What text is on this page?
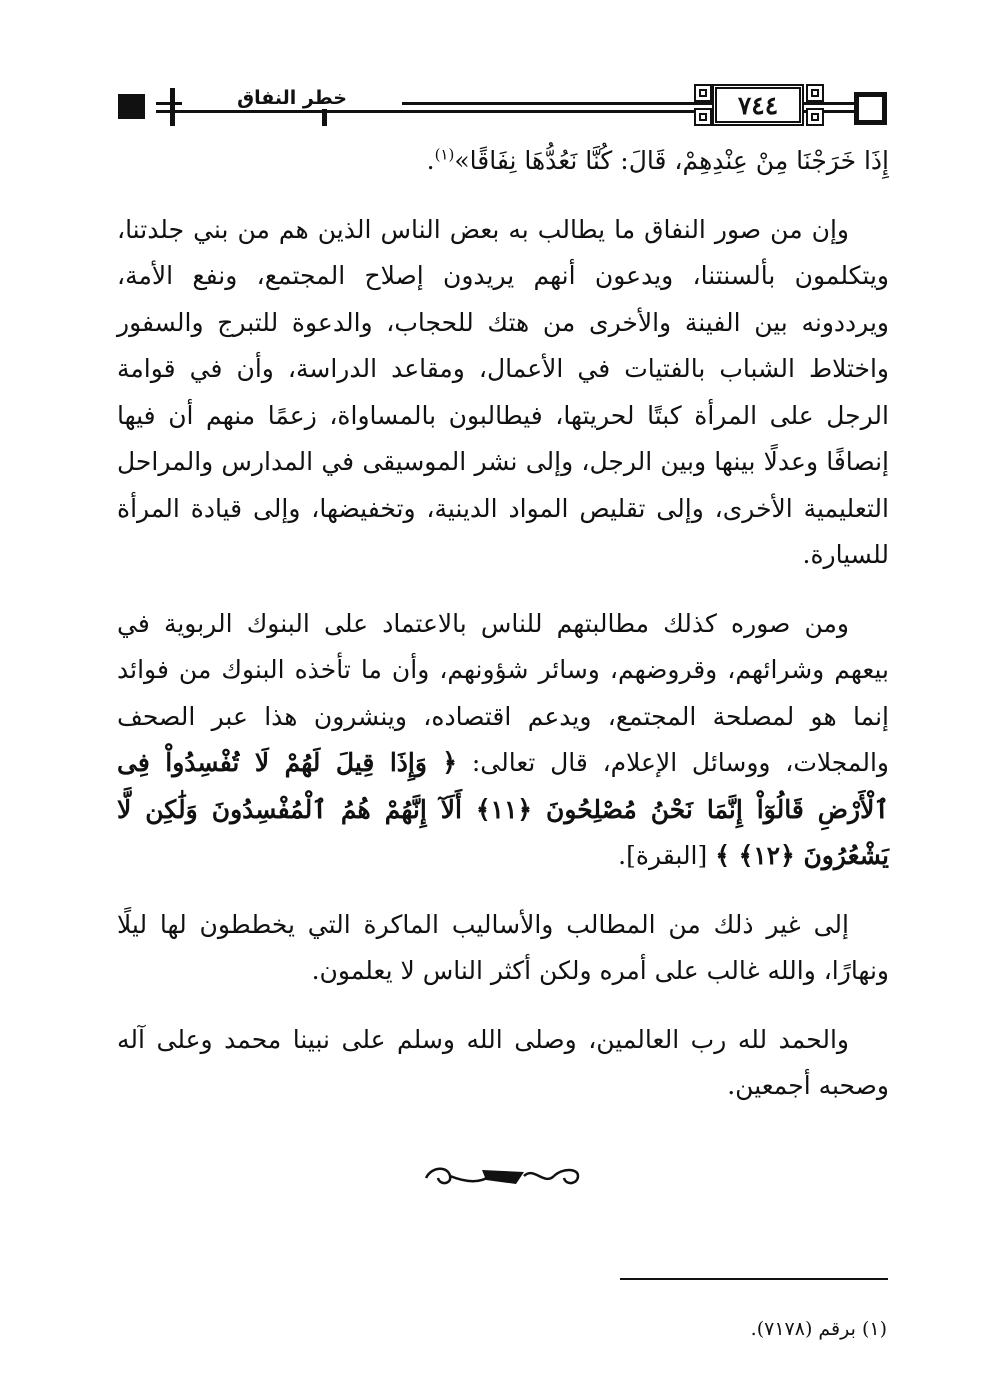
خطر النفاق	٧٤٤

إِذَا خَرَجْنَا مِنْ عِنْدِهِمْ، قَالَ: كُنَّا نَعُدُّهَا نِفَاقًا»$^{(١)}$.

وإن من صور النفاق ما يطالب به بعض الناس الذين هم من بني جلدتنا، ويتكلمون بألسنتنا، ويدعون أنهم يريدون إصلاح المجتمع، ونفع الأمة، ويرددونه بين الفينة والأخرى من هتك للحجاب، والدعوة للتبرج والسفور واختلاط الشباب بالفتيات في الأعمال، ومقاعد الدراسة، وأن في قوامة الرجل على المرأة كبتًا لحريتها، فيطالبون بالمساواة، زعمًا منهم أن فيها إنصافًا وعدلًا بينها وبين الرجل، وإلى نشر الموسيقى في المدارس والمراحل التعليمية الأخرى، وإلى تقليص المواد الدينية، وتخفيضها، وإلى قيادة المرأة للسيارة.

ومن صوره كذلك مطالبتهم للناس بالاعتماد على البنوك الربوية في بيعهم وشرائهم، وقروضهم، وسائر شؤونهم، وأن ما تأخذه البنوك من فوائد إنما هو لمصلحة المجتمع، ويدعم اقتصاده، وينشرون هذا عبر الصحف والمجلات، ووسائل الإعلام، قال تعالى: ﴿ وَإِذَا قِيلَ لَهُمْ لَا تُفْسِدُواْ فِى ٱلْأَرْضِ قَالُوٓاْ إِنَّمَا نَحْنُ مُصْلِحُونَ ﴿١١﴾ أَلَآ إِنَّهُمْ هُمُ ٱلْمُفْسِدُونَ وَلَٰكِن لَّا يَشْعُرُونَ ﴿١٢﴾ ﴾ [البقرة].

إلى غير ذلك من المطالب والأساليب الماكرة التي يخططون لها ليلًا ونهارًا، والله غالب على أمره ولكن أكثر الناس لا يعلمون.

والحمد لله رب العالمين، وصلى الله وسلم على نبينا محمد وعلى آله وصحبه أجمعين.

(١) برقم (٧١٧٨).
